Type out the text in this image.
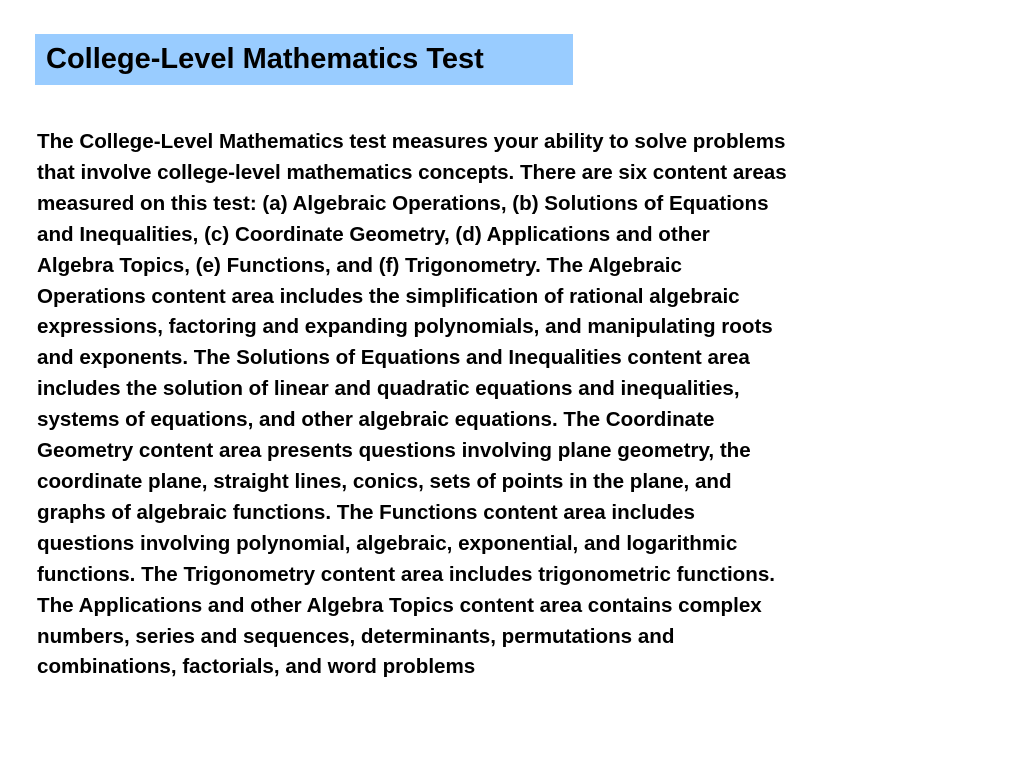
College-Level Mathematics Test

The College-Level Mathematics test measures your ability to solve problems
that involve college-level mathematics concepts. There are six content areas
measured on this test: (a) Algebraic Operations, (b) Solutions of Equations
and Inequalities, (c) Coordinate Geometry, (d) Applications and other
Algebra Topics, (e) Functions, and (f) Trigonometry. The Algebraic
Operations content area includes the simplification of rational algebraic
expressions, factoring and expanding polynomials, and manipulating roots
and exponents. The Solutions of Equations and Inequalities content area
includes the solution of linear and quadratic equations and inequalities,
systems of equations, and other algebraic equations. The Coordinate
Geometry content area presents questions involving plane geometry, the
coordinate plane, straight lines, conics, sets of points in the plane, and
graphs of algebraic functions. The Functions content area includes
questions involving polynomial, algebraic, exponential, and logarithmic
functions. The Trigonometry content area includes trigonometric functions.
The Applications and other Algebra Topics content area contains complex
numbers, series and sequences, determinants, permutations and
combinations, factorials, and word problems
